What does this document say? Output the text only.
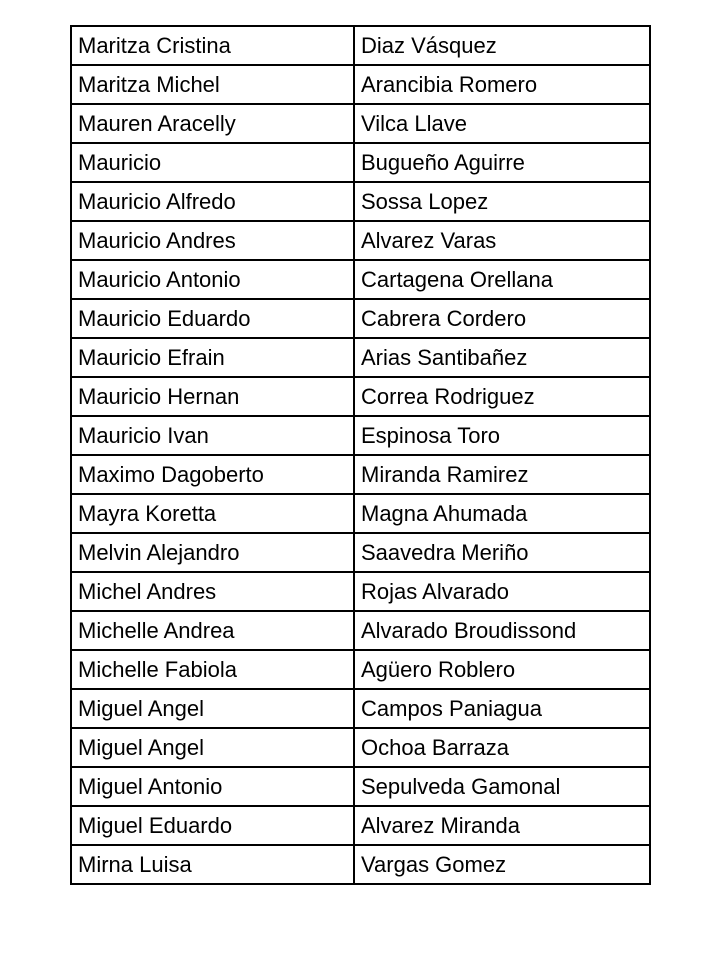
Maritza Cristina	Diaz Vásquez
Maritza Michel	Arancibia Romero
Mauren Aracelly	Vilca Llave
Mauricio	Bugueño Aguirre
Mauricio Alfredo	Sossa Lopez
Mauricio Andres	Alvarez Varas
Mauricio Antonio	Cartagena Orellana
Mauricio Eduardo	Cabrera Cordero
Mauricio Efrain	Arias Santibañez
Mauricio Hernan	Correa Rodriguez
Mauricio Ivan	Espinosa Toro
Maximo Dagoberto	Miranda Ramirez
Mayra Koretta	Magna Ahumada
Melvin Alejandro	Saavedra Meriño
Michel Andres	Rojas Alvarado
Michelle Andrea	Alvarado Broudissond
Michelle Fabiola	Agüero Roblero
Miguel Angel	Campos Paniagua
Miguel Angel	Ochoa Barraza
Miguel Antonio	Sepulveda Gamonal
Miguel Eduardo	Alvarez Miranda
Mirna Luisa	Vargas Gomez
